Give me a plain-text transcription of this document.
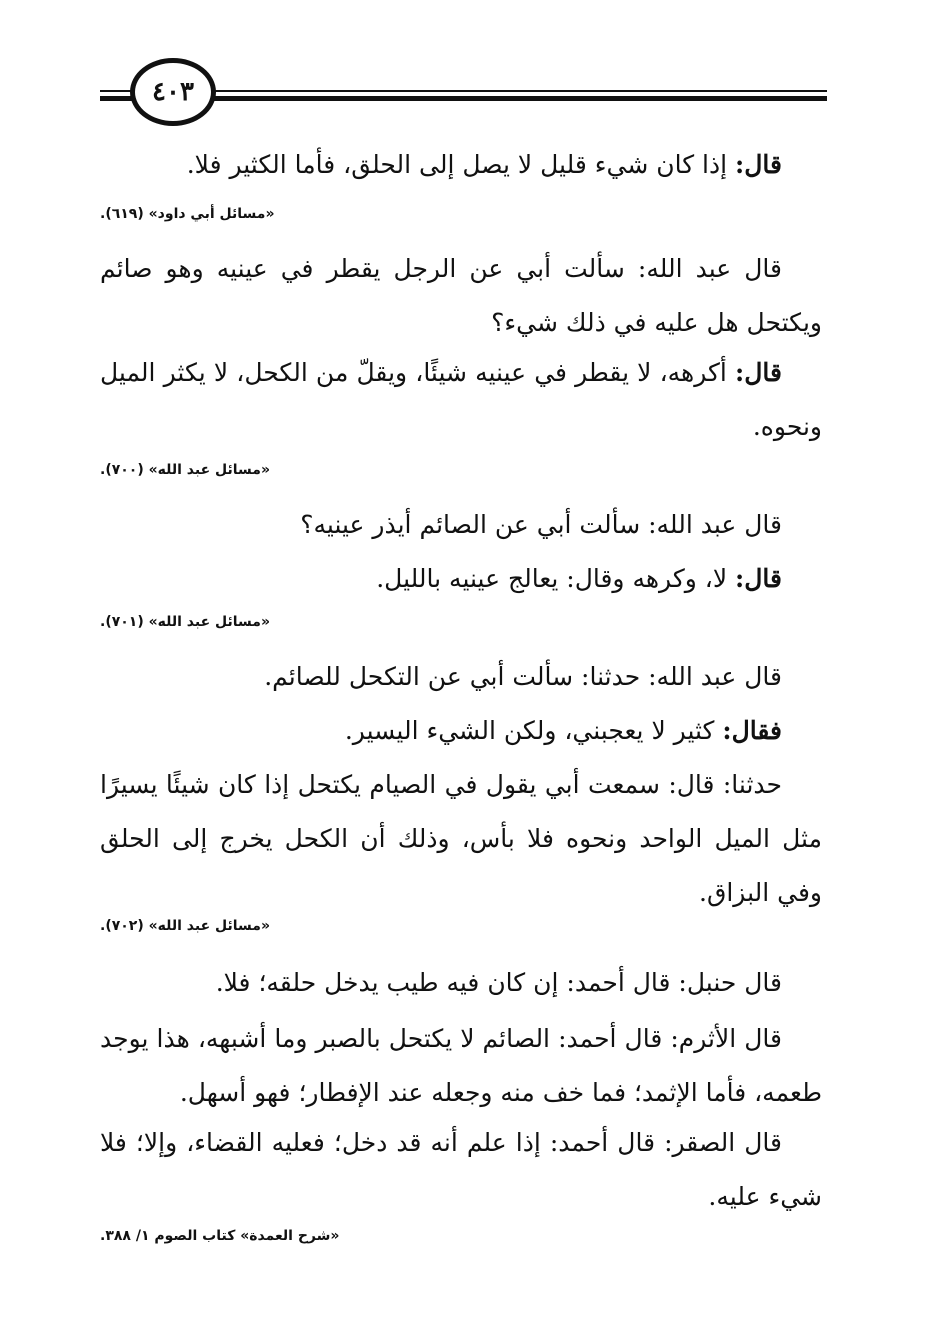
٤٠٣
قال: إذا كان شيء قليل لا يصل إلى الحلق، فأما الكثير فلا.
«مسائل أبي داود» (٦١٩).
قال عبد الله: سألت أبي عن الرجل يقطر في عينيه وهو صائم ويكتحل هل عليه في ذلك شيء؟
قال: أكرهه، لا يقطر في عينيه شيئًا، ويقلّ من الكحل، لا يكثر الميل ونحوه.
«مسائل عبد الله» (٧٠٠).
قال عبد الله: سألت أبي عن الصائم أيذر عينيه؟
قال: لا، وكرهه وقال: يعالج عينيه بالليل.
«مسائل عبد الله» (٧٠١).
قال عبد الله: حدثنا: سألت أبي عن التكحل للصائم.
فقال: كثير لا يعجبني، ولكن الشيء اليسير.
حدثنا: قال: سمعت أبي يقول في الصيام يكتحل إذا كان شيئًا يسيرًا مثل الميل الواحد ونحوه فلا بأس، وذلك أن الكحل يخرج إلى الحلق وفي البزاق.
«مسائل عبد الله» (٧٠٢).
قال حنبل: قال أحمد: إن كان فيه طيب يدخل حلقه؛ فلا.
قال الأثرم: قال أحمد: الصائم لا يكتحل بالصبر وما أشبهه، هذا يوجد طعمه، فأما الإثمد؛ فما خف منه وجعله عند الإفطار؛ فهو أسهل.
قال الصقر: قال أحمد: إذا علم أنه قد دخل؛ فعليه القضاء، وإلا؛ فلا شيء عليه.
«شرح العمدة» كتاب الصوم ١/ ٣٨٨.
